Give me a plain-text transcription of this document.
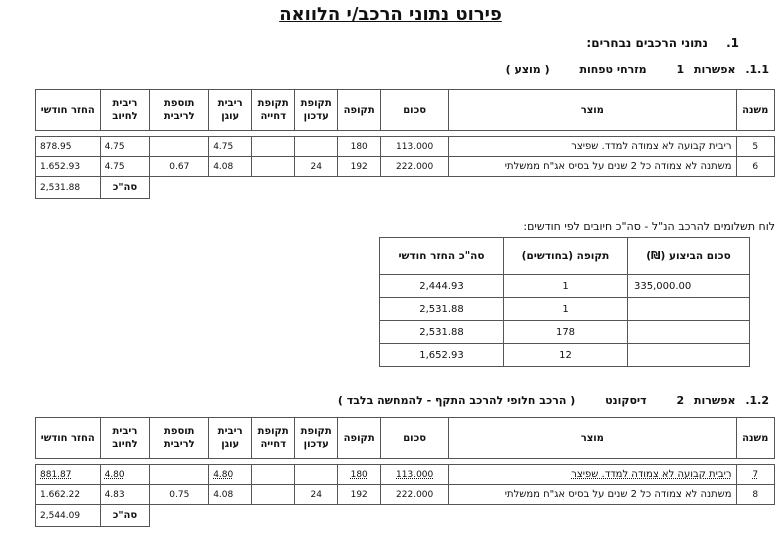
פירוט נתוני הרכב/י הלוואה
1. נתוני הרכבים נבחרים:
1.1. אפשרות 1 מזרחי טפחות ( מוצע )
משנה	מוצר	סכום	תקופה	תקופת עדכון	תקופת דחייה	ריבית עוגן	תוספת לריבית	ריבית לחיוב	החזר חודשי

5	ריבית קבועה לא צמודה למדד. שפיצר	113.000	180			4.75		4.75	878.95
6	משתנה לא צמודה כל 2 שנים על בסיס אג"ח ממשלתי	222.000	192	24		4.08	0.67	4.75	1.652.93
								סה"כ	2,531.88
לוח תשלומים להרכב הנ"ל - סה"כ חיובים לפי חודשים:
סכום הביצוע (₪)	תקופה (בחודשים)	סה"כ החזר חודשי
335,000.00	1	2,444.93
	1	2,531.88
	178	2,531.88
	12	1,652.93
1.2. אפשרות 2 דיסקונט ( הרכב חלופי להרכב התקף - להמחשה בלבד )
משנה	מוצר	סכום	תקופה	תקופת עדכון	תקופת דחייה	ריבית עוגן	תוספת לריבית	ריבית לחיוב	החזר חודשי

7	ריבית קבועה לא צמודה למדד. שפיצר	113.000	180			4.80		4.80	881.87
8	משתנה לא צמודה כל 2 שנים על בסיס אג"ח ממשלתי	222.000	192	24		4.08	0.75	4.83	1.662.22
								סה"כ	2,544.09
